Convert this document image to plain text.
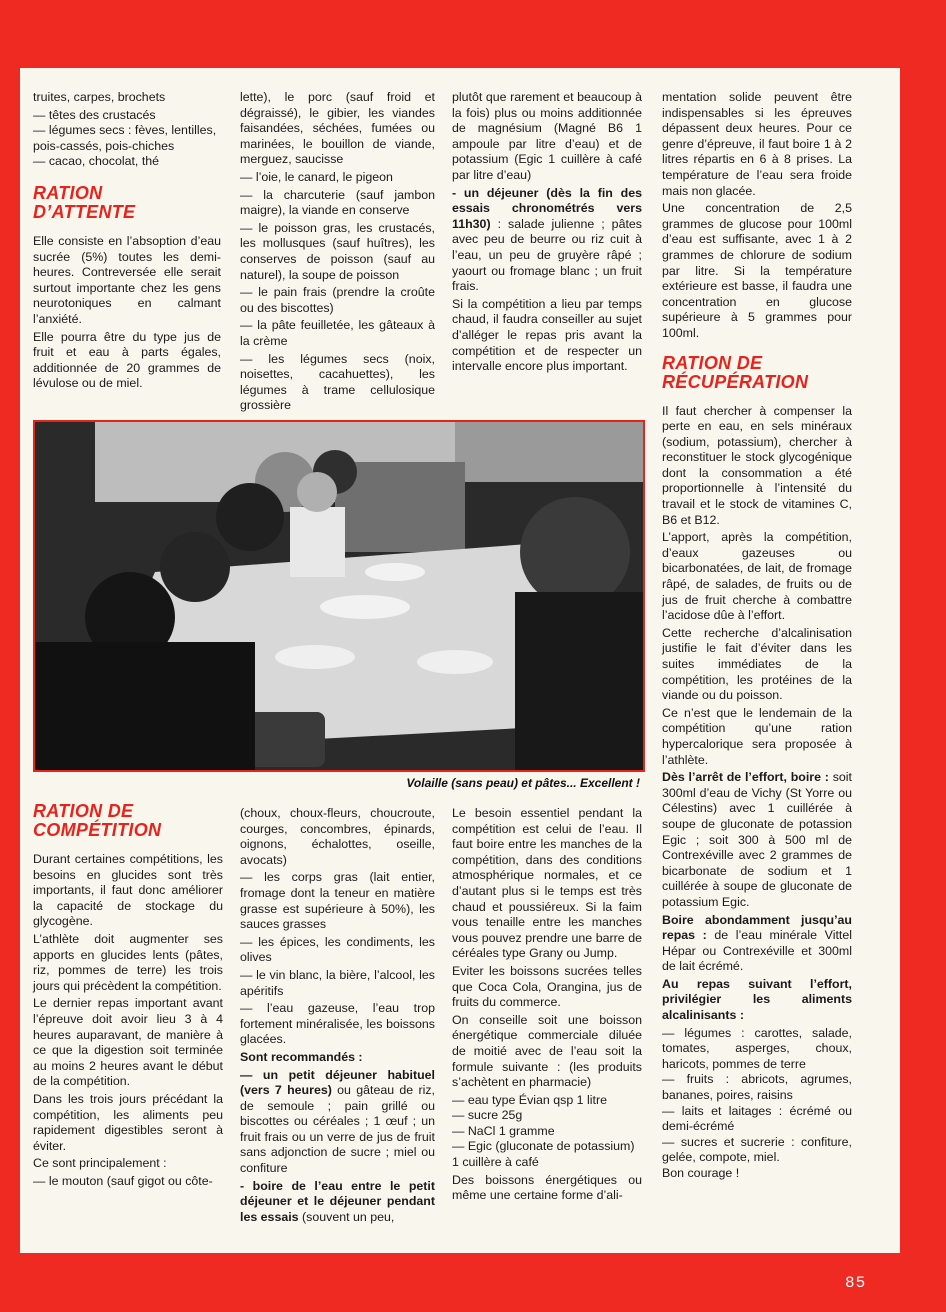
truites, carpes, brochets

— têtes des crustacés

— légumes secs : fèves, lentilles, pois-cassés, pois-chiches

— cacao, chocolat, thé

RATION D’ATTENTE

Elle consiste en l’absoption d’eau sucrée (5%) toutes les demi-heures. Contreversée elle serait surtout importante chez les gens neurotoniques en calmant l’anxiété.

Elle pourra être du type jus de fruit et eau à parts égales, additionnée de 20 grammes de lévulose ou de miel.

lette), le porc (sauf froid et dégraissé), le gibier, les viandes faisandées, séchées, fumées ou marinées, le bouillon de viande, merguez, saucisse

— l’oie, le canard, le pigeon

— la charcuterie (sauf jambon maigre), la viande en conserve

— le poisson gras, les crustacés, les mollusques (sauf huîtres), les conserves de poisson (sauf au naturel), la soupe de poisson

— le pain frais (prendre la croûte ou des biscottes)

— la pâte feuilletée, les gâteaux à la crème

— les légumes secs (noix, noisettes, cacahuettes), les légumes à trame cellulosique grossière

plutôt que rarement et beaucoup à la fois) plus ou moins additionnée de magnésium (Magné B6 1 ampoule par litre d’eau) et de potassium (Egic 1 cuillère à café par litre d’eau)

- un déjeuner (dès la fin des essais chronométrés vers 11h30) : salade julienne ; pâtes avec peu de beurre ou riz cuit à l’eau, un peu de gruyère râpé ; yaourt ou fromage blanc ; un fruit frais.

Si la compétition a lieu par temps chaud, il faudra conseiller au sujet d’alléger le repas pris avant la compétition et de respecter un intervalle encore plus important.

mentation solide peuvent être indispensables si les épreuves dépassent deux heures. Pour ce genre d’épreuve, il faut boire 1 à 2 litres répartis en 6 à 8 prises. La température de l’eau sera froide mais non glacée.

Une concentration de 2,5 grammes de glucose pour 100ml d’eau est suffisante, avec 1 à 2 grammes de chlorure de sodium par litre. Si la température extérieure est basse, il faudra une concentration en glucose supérieure à 5 grammes pour 100ml.

RATION DE RÉCUPÉRATION

Il faut chercher à compenser la perte en eau, en sels minéraux (sodium, potassium), chercher à reconstituer le stock glycogénique dont la consommation a été proportionnelle à l’intensité du travail et le stock de vitamines C, B6 et B12.

L’apport, après la compétition, d’eaux gazeuses ou bicarbonatées, de lait, de fromage râpé, de salades, de fruits ou de jus de fruit cherche à combattre l’acidose dûe à l’effort.

Cette recherche d’alcalinisation justifie le fait d’éviter dans les suites immédiates de la compétition, les protéines de la viande ou du poisson.

Ce n’est que le lendemain de la compétition qu’une ration hypercalorique sera proposée à l’athlète.

Dès l’arrêt de l’effort, boire : soit 300ml d’eau de Vichy (St Yorre ou Célestins) avec 1 cuillérée à soupe de gluconate de potassion Egic ; soit 300 à 500 ml de Contrexéville avec 2 grammes de bicarbonate de sodium et 1 cuillérée à soupe de gluconate de potassium Egic.

Boire abondamment jusqu’au repas : de l’eau minérale Vittel Hépar ou Contrexéville et 300ml de lait écrémé.

Au repas suivant l’effort, privilégier les aliments alcalinisants :

— légumes : carottes, salade, tomates, asperges, choux, haricots, pommes de terre

— fruits : abricots, agrumes, bananes, poires, raisins

— laits et laitages : écrémé ou demi-écrémé

— sucres et sucrerie : confiture, gelée, compote, miel.

Bon courage !

Volaille (sans peau) et pâtes... Excellent !
RATION DE COMPÉTITION

Durant certaines compétitions, les besoins en glucides sont très importants, il faut donc améliorer la capacité de stockage du glycogène.

L’athlète doit augmenter ses apports en glucides lents (pâtes, riz, pommes de terre) les trois jours qui précèdent la compétition.

Le dernier repas important avant l’épreuve doit avoir lieu 3 à 4 heures auparavant, de manière à ce que la digestion soit terminée au moins 2 heures avant le début de la compétition.

Dans les trois jours précédant la compétition, les aliments peu rapidement digestibles seront à éviter.

Ce sont principalement :

— le mouton (sauf gigot ou côte-

(choux, choux-fleurs, choucroute, courges, concombres, épinards, oignons, échalottes, oseille, avocats)

— les corps gras (lait entier, fromage dont la teneur en matière grasse est supérieure à 50%), les sauces grasses

— les épices, les condiments, les olives

— le vin blanc, la bière, l’alcool, les apéritifs

— l’eau gazeuse, l’eau trop fortement minéralisée, les boissons glacées.

Sont recommandés :

— un petit déjeuner habituel (vers 7 heures) ou gâteau de riz, de semoule ; pain grillé ou biscottes ou céréales ; 1 œuf ; un fruit frais ou un verre de jus de fruit sans adjonction de sucre ; miel ou confiture

- boire de l’eau entre le petit déjeuner et le déjeuner pendant les essais (souvent un peu,

Le besoin essentiel pendant la compétition est celui de l’eau. Il faut boire entre les manches de la compétition, dans des conditions atmosphérique normales, et ce d’autant plus si le temps est très chaud et poussiéreux. Si la faim vous tenaille entre les manches vous pouvez prendre une barre de céréales type Grany ou Jump.

Eviter les boissons sucrées telles que Coca Cola, Orangina, jus de fruits du commerce.

On conseille soit une boisson énergétique commerciale diluée de moitié avec de l’eau soit la formule suivante : (les produits s’achètent en pharmacie)

— eau type Évian qsp 1 litre

— sucre 25g

— NaCl 1 gramme

— Egic (gluconate de potassium) 1 cuillère à café

Des boissons énergétiques ou même une certaine forme d’ali-

85
